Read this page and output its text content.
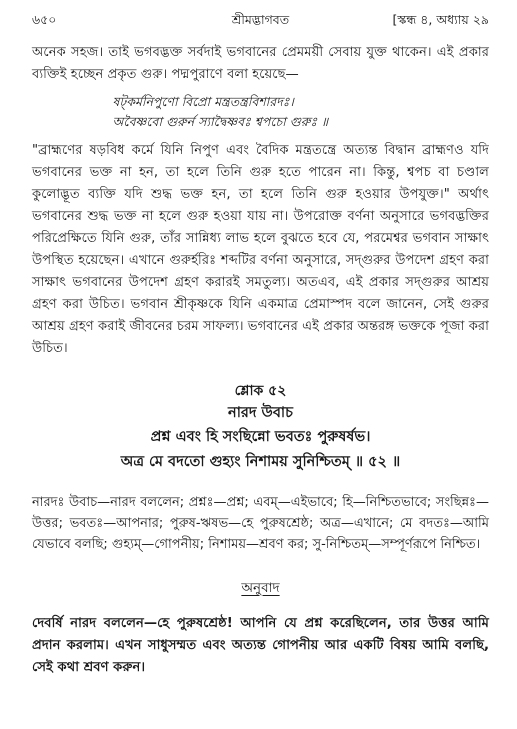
৬৫০	শ্রীমদ্ভাগবত	[স্কন্ধ ৪, অধ্যায় ২৯

অনেক সহজ। তাই ভগবদ্ভক্ত সর্বদাই ভগবানের প্রেমময়ী সেবায় যুক্ত থাকেন। এই প্রকার ব্যক্তিই হচ্ছেন প্রকৃত গুরু। পদ্মপুরাণে বলা হয়েছে—

ষট্‌কর্মনিপুণো বিপ্রো মন্ত্রতন্ত্রবিশারদঃ।
অবৈষ্ণবো গুরুর্ন স্যাদ্বৈষ্ণবঃ শ্বপচো গুরুঃ ॥

"ব্রাহ্মণের ষড়বিধ কর্মে যিনি নিপুণ এবং বৈদিক মন্ত্রতন্ত্রে অত্যন্ত বিদ্বান ব্রাহ্মণও যদি ভগবানের ভক্ত না হন, তা হলে তিনি গুরু হতে পারেন না। কিন্তু, শ্বপচ বা চণ্ডাল কুলোদ্ভূত ব্যক্তি যদি শুদ্ধ ভক্ত হন, তা হলে তিনি গুরু হওয়ার উপযুক্ত।" অর্থাৎ ভগবানের শুদ্ধ ভক্ত না হলে গুরু হওয়া যায় না। উপরোক্ত বর্ণনা অনুসারে ভগবদ্ভক্তির পরিপ্রেক্ষিতে যিনি গুরু, তাঁর সান্নিধ্য লাভ হলে বুঝতে হবে যে, পরমেশ্বর ভগবান সাক্ষাৎ উপস্থিত হয়েছেন। এখানে গুরুর্হরিঃ শব্দটির বর্ণনা অনুসারে, সদ্গুরুর উপদেশ গ্রহণ করা সাক্ষাৎ ভগবানের উপদেশ গ্রহণ করারই সমতুল্য। অতএব, এই প্রকার সদ্গুরুর আশ্রয় গ্রহণ করা উচিত। ভগবান শ্রীকৃষ্ণকে যিনি একমাত্র প্রেমাস্পদ বলে জানেন, সেই গুরুর আশ্রয় গ্রহণ করাই জীবনের চরম সাফল্য। ভগবানের এই প্রকার অন্তরঙ্গ ভক্তকে পূজা করা উচিত।

শ্লোক ৫২
নারদ উবাচ
প্রশ্ন এবং হি সংছিন্নো ভবতঃ পুরুষর্ষভ।
অত্র মে বদতো গুহ্যং নিশাময় সুনিশ্চিতম্ ॥ ৫২ ॥

নারদঃ উবাচ—নারদ বললেন; প্রশ্নঃ—প্রশ্ন; এবম্—এইভাবে; হি—নিশ্চিতভাবে; সংছিন্নঃ—উত্তর; ভবতঃ—আপনার; পুরুষ-ঋষভ—হে পুরুষশ্রেষ্ঠ; অত্র—এখানে; মে বদতঃ—আমি যেভাবে বলছি; গুহ্যম্—গোপনীয়; নিশাময়—শ্রবণ কর; সু-নিশ্চিতম্—সম্পূর্ণরূপে নিশ্চিত।

অনুবাদ

দেবর্ষি নারদ বললেন—হে পুরুষশ্রেষ্ঠ! আপনি যে প্রশ্ন করেছিলেন, তার উত্তর আমি প্রদান করলাম। এখন সাধুসম্মত এবং অত্যন্ত গোপনীয় আর একটি বিষয় আমি বলছি, সেই কথা শ্রবণ করুন।
